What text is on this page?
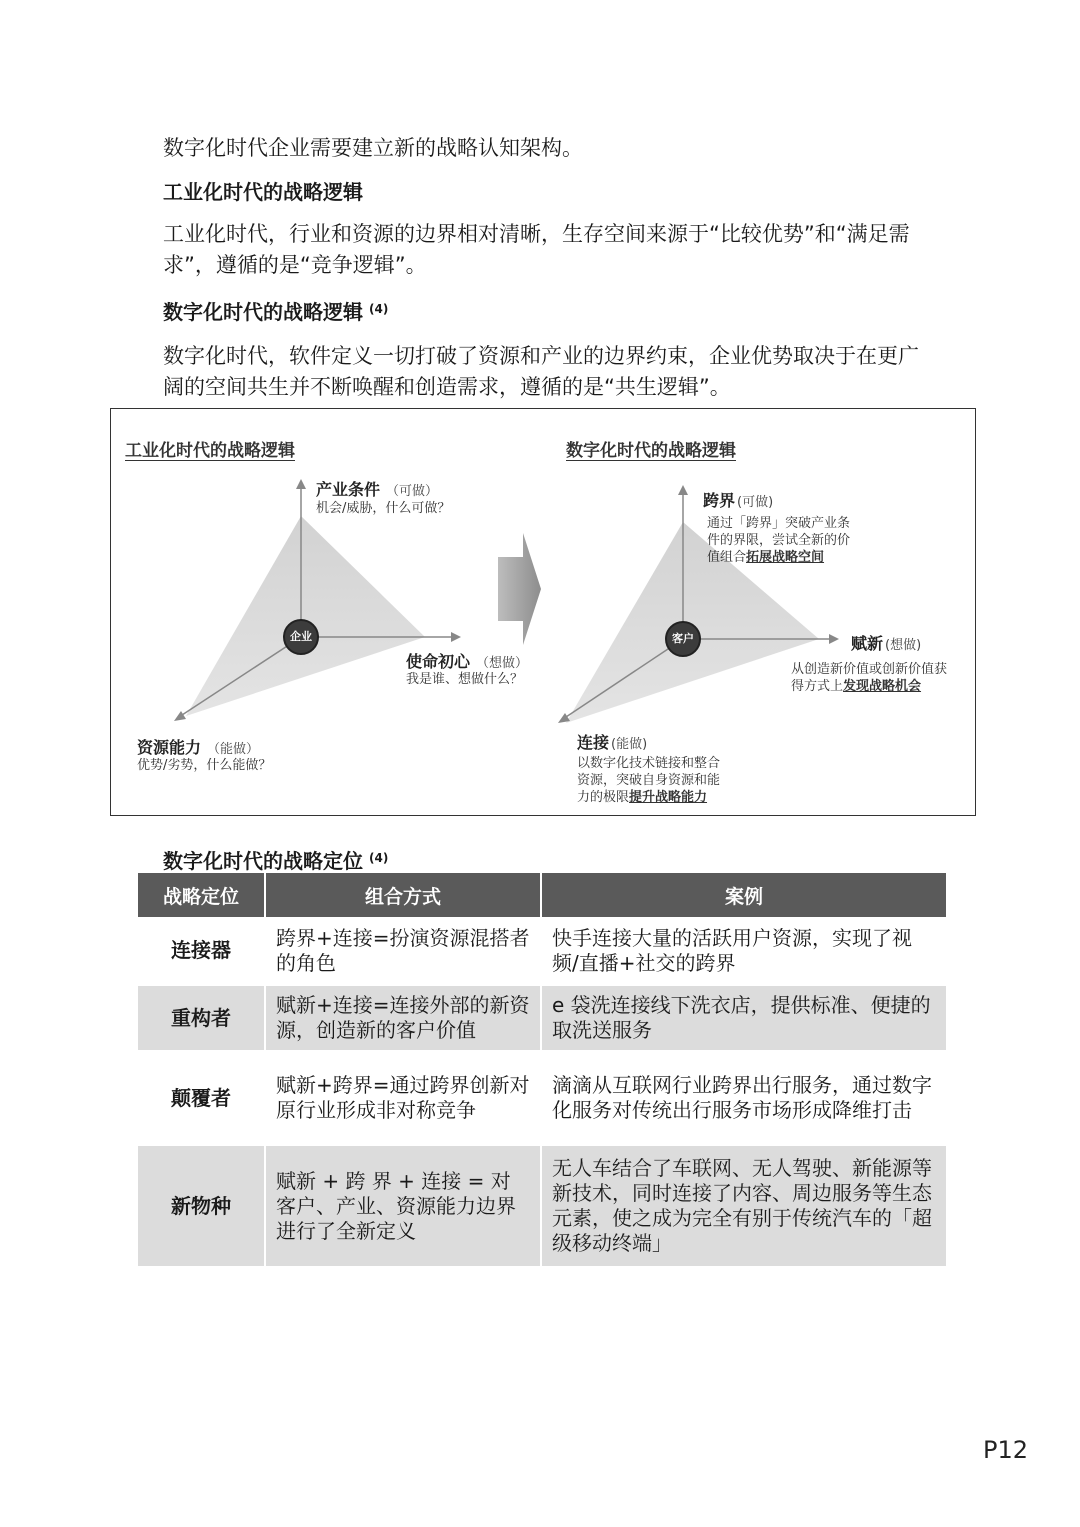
数字化时代企业需要建立新的战略认知架构。

工业化时代的战略逻辑

工业化时代，行业和资源的边界相对清晰，生存空间来源于“比较优势”和“满足需求”，遵循的是“竞争逻辑”。

数字化时代的战略逻辑 $^{(4)}$

数字化时代，软件定义一切打破了资源和产业的边界约束，企业优势取决于在更广阔的空间共生并不断唤醒和创造需求，遵循的是“共生逻辑”。

工业化时代的战略逻辑
企业
产业条件 （可做）
机会/威胁，什么可做？
使命初心 （想做）
我是谁、想做什么？
资源能力 （能做）
优势/劣势，什么能做？
数字化时代的战略逻辑
客户
跨界 (可做)
通过「跨界」突破产业条
件的界限，尝试全新的价
值组合拓展战略空间
赋新 (想做)
从创造新价值或创新价值获
得方式上发现战略机会
连接 (能做)
以数字化技术链接和整合
资源，突破自身资源和能
力的极限提升战略能力

数字化时代的战略定位 $^{(4)}$

战略定位	组合方式	案例
连接器	跨界+连接=扮演资源混搭者的角色	快手连接大量的活跃用户资源，实现了视频/直播+社交的跨界
重构者	赋新+连接=连接外部的新资源，创造新的客户价值	e 袋洗连接线下洗衣店，提供标准、便捷的取洗送服务
颠覆者	赋新+跨界=通过跨界创新对原行业形成非对称竞争	滴滴从互联网行业跨界出行服务，通过数字化服务对传统出行服务市场形成降维打击
新物种	赋新 + 跨 界 + 连接 = 对客户、产业、资源能力边界进行了全新定义	无人车结合了车联网、无人驾驶、新能源等新技术，同时连接了内容、周边服务等生态元素，使之成为完全有别于传统汽车的「超级移动终端」
P12
